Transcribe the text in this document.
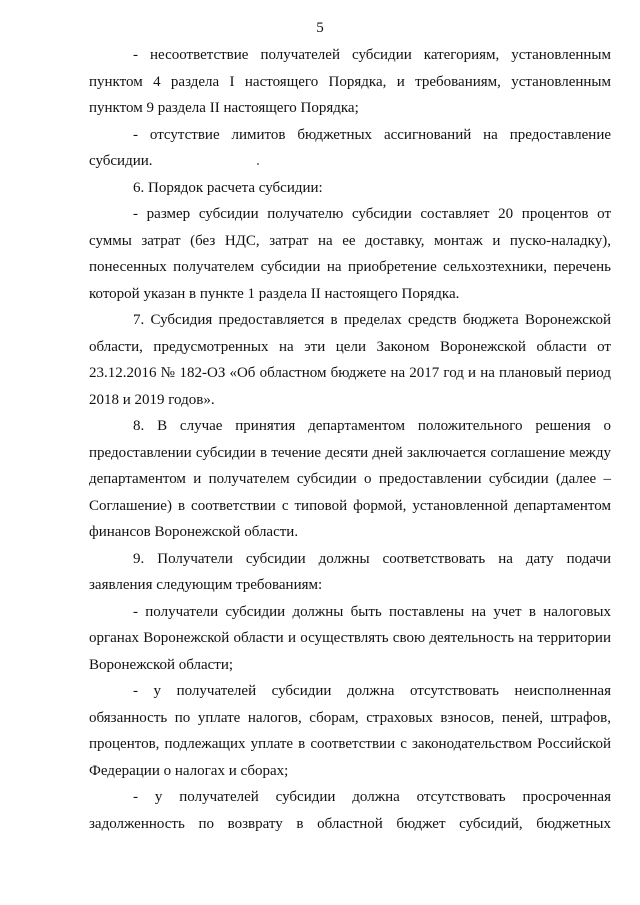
5

- несоответствие получателей субсидии категориям, установленным пунктом 4 раздела I настоящего Порядка, и требованиям, установленным пунктом 9 раздела II настоящего Порядка;

- отсутствие лимитов бюджетных ассигнований на предоставление субсидии.

6. Порядок расчета субсидии:

- размер субсидии получателю субсидии составляет 20 процентов от суммы затрат (без НДС, затрат на ее доставку, монтаж и пуско-наладку), понесенных получателем субсидии на приобретение сельхозтехники, перечень которой указан в пункте 1 раздела II настоящего Порядка.

7. Субсидия предоставляется в пределах средств бюджета Воронежской области, предусмотренных на эти цели Законом Воронежской области от 23.12.2016 № 182-ОЗ «Об областном бюджете на 2017 год и на плановый период 2018 и 2019 годов».

8. В случае принятия департаментом положительного решения о предоставлении субсидии в течение десяти дней заключается соглашение между департаментом и получателем субсидии о предоставлении субсидии (далее – Соглашение) в соответствии с типовой формой, установленной департаментом финансов Воронежской области.

9. Получатели субсидии должны соответствовать на дату подачи заявления следующим требованиям:

- получатели субсидии должны быть поставлены на учет в налоговых органах Воронежской области и осуществлять свою деятельность на территории Воронежской области;

- у получателей субсидии должна отсутствовать неисполненная обязанность по уплате налогов, сборам, страховых взносов, пеней, штрафов, процентов, подлежащих уплате в соответствии с законодательством Российской Федерации о налогах и сборах;

- у получателей субсидии должна отсутствовать просроченная задолженность по возврату в областной бюджет субсидий, бюджетных
